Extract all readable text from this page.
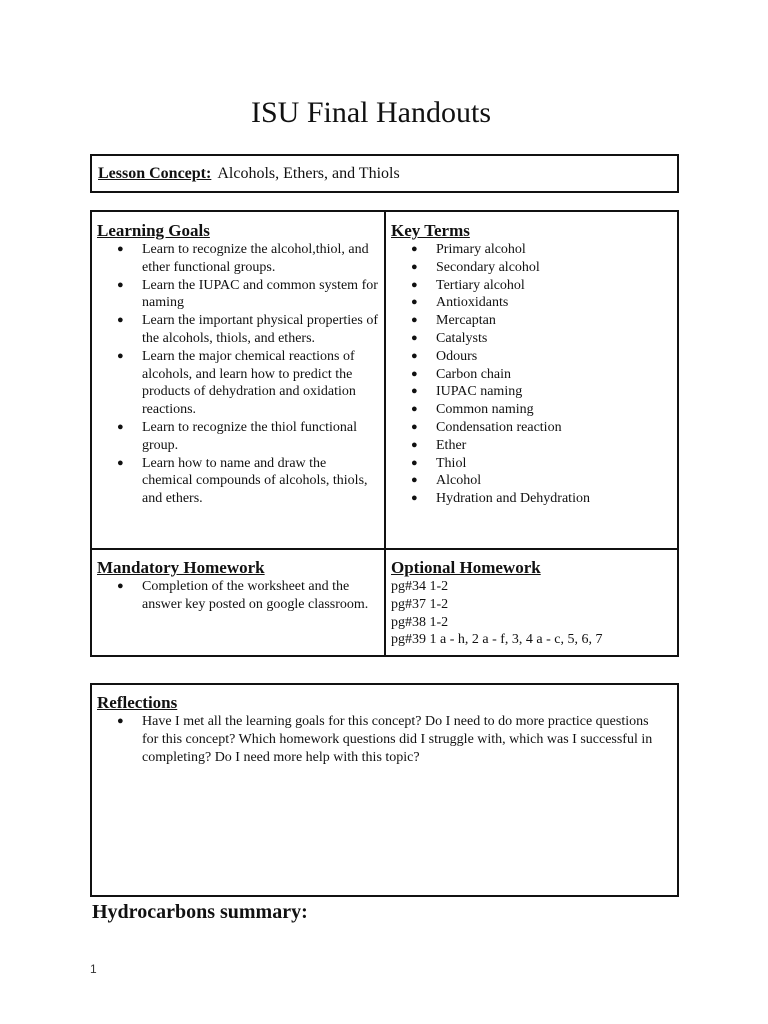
ISU Final Handouts
Lesson Concept: Alcohols, Ethers, and Thiols
Learning Goals
● Learn to recognize the alcohol,thiol, and ether functional groups.
● Learn the IUPAC and common system for naming
● Learn the important physical properties of the alcohols, thiols, and ethers.
● Learn the major chemical reactions of alcohols, and learn how to predict the products of dehydration and oxidation reactions.
● Learn to recognize the thiol functional group.
● Learn how to name and draw the chemical compounds of alcohols, thiols, and ethers.
Key Terms
● Primary alcohol
● Secondary alcohol
● Tertiary alcohol
● Antioxidants
● Mercaptan
● Catalysts
● Odours
● Carbon chain
● IUPAC naming
● Common naming
● Condensation reaction
● Ether
● Thiol
● Alcohol
● Hydration and Dehydration
Mandatory Homework
● Completion of the worksheet and the answer key posted on google classroom.
Optional Homework
pg#34 1-2
pg#37 1-2
pg#38 1-2
pg#39 1 a - h, 2 a - f, 3, 4 a - c, 5, 6, 7
Reflections
● Have I met all the learning goals for this concept? Do I need to do more practice questions for this concept? Which homework questions did I struggle with, which was I successful in completing? Do I need more help with this topic?
Hydrocarbons summary:
1
